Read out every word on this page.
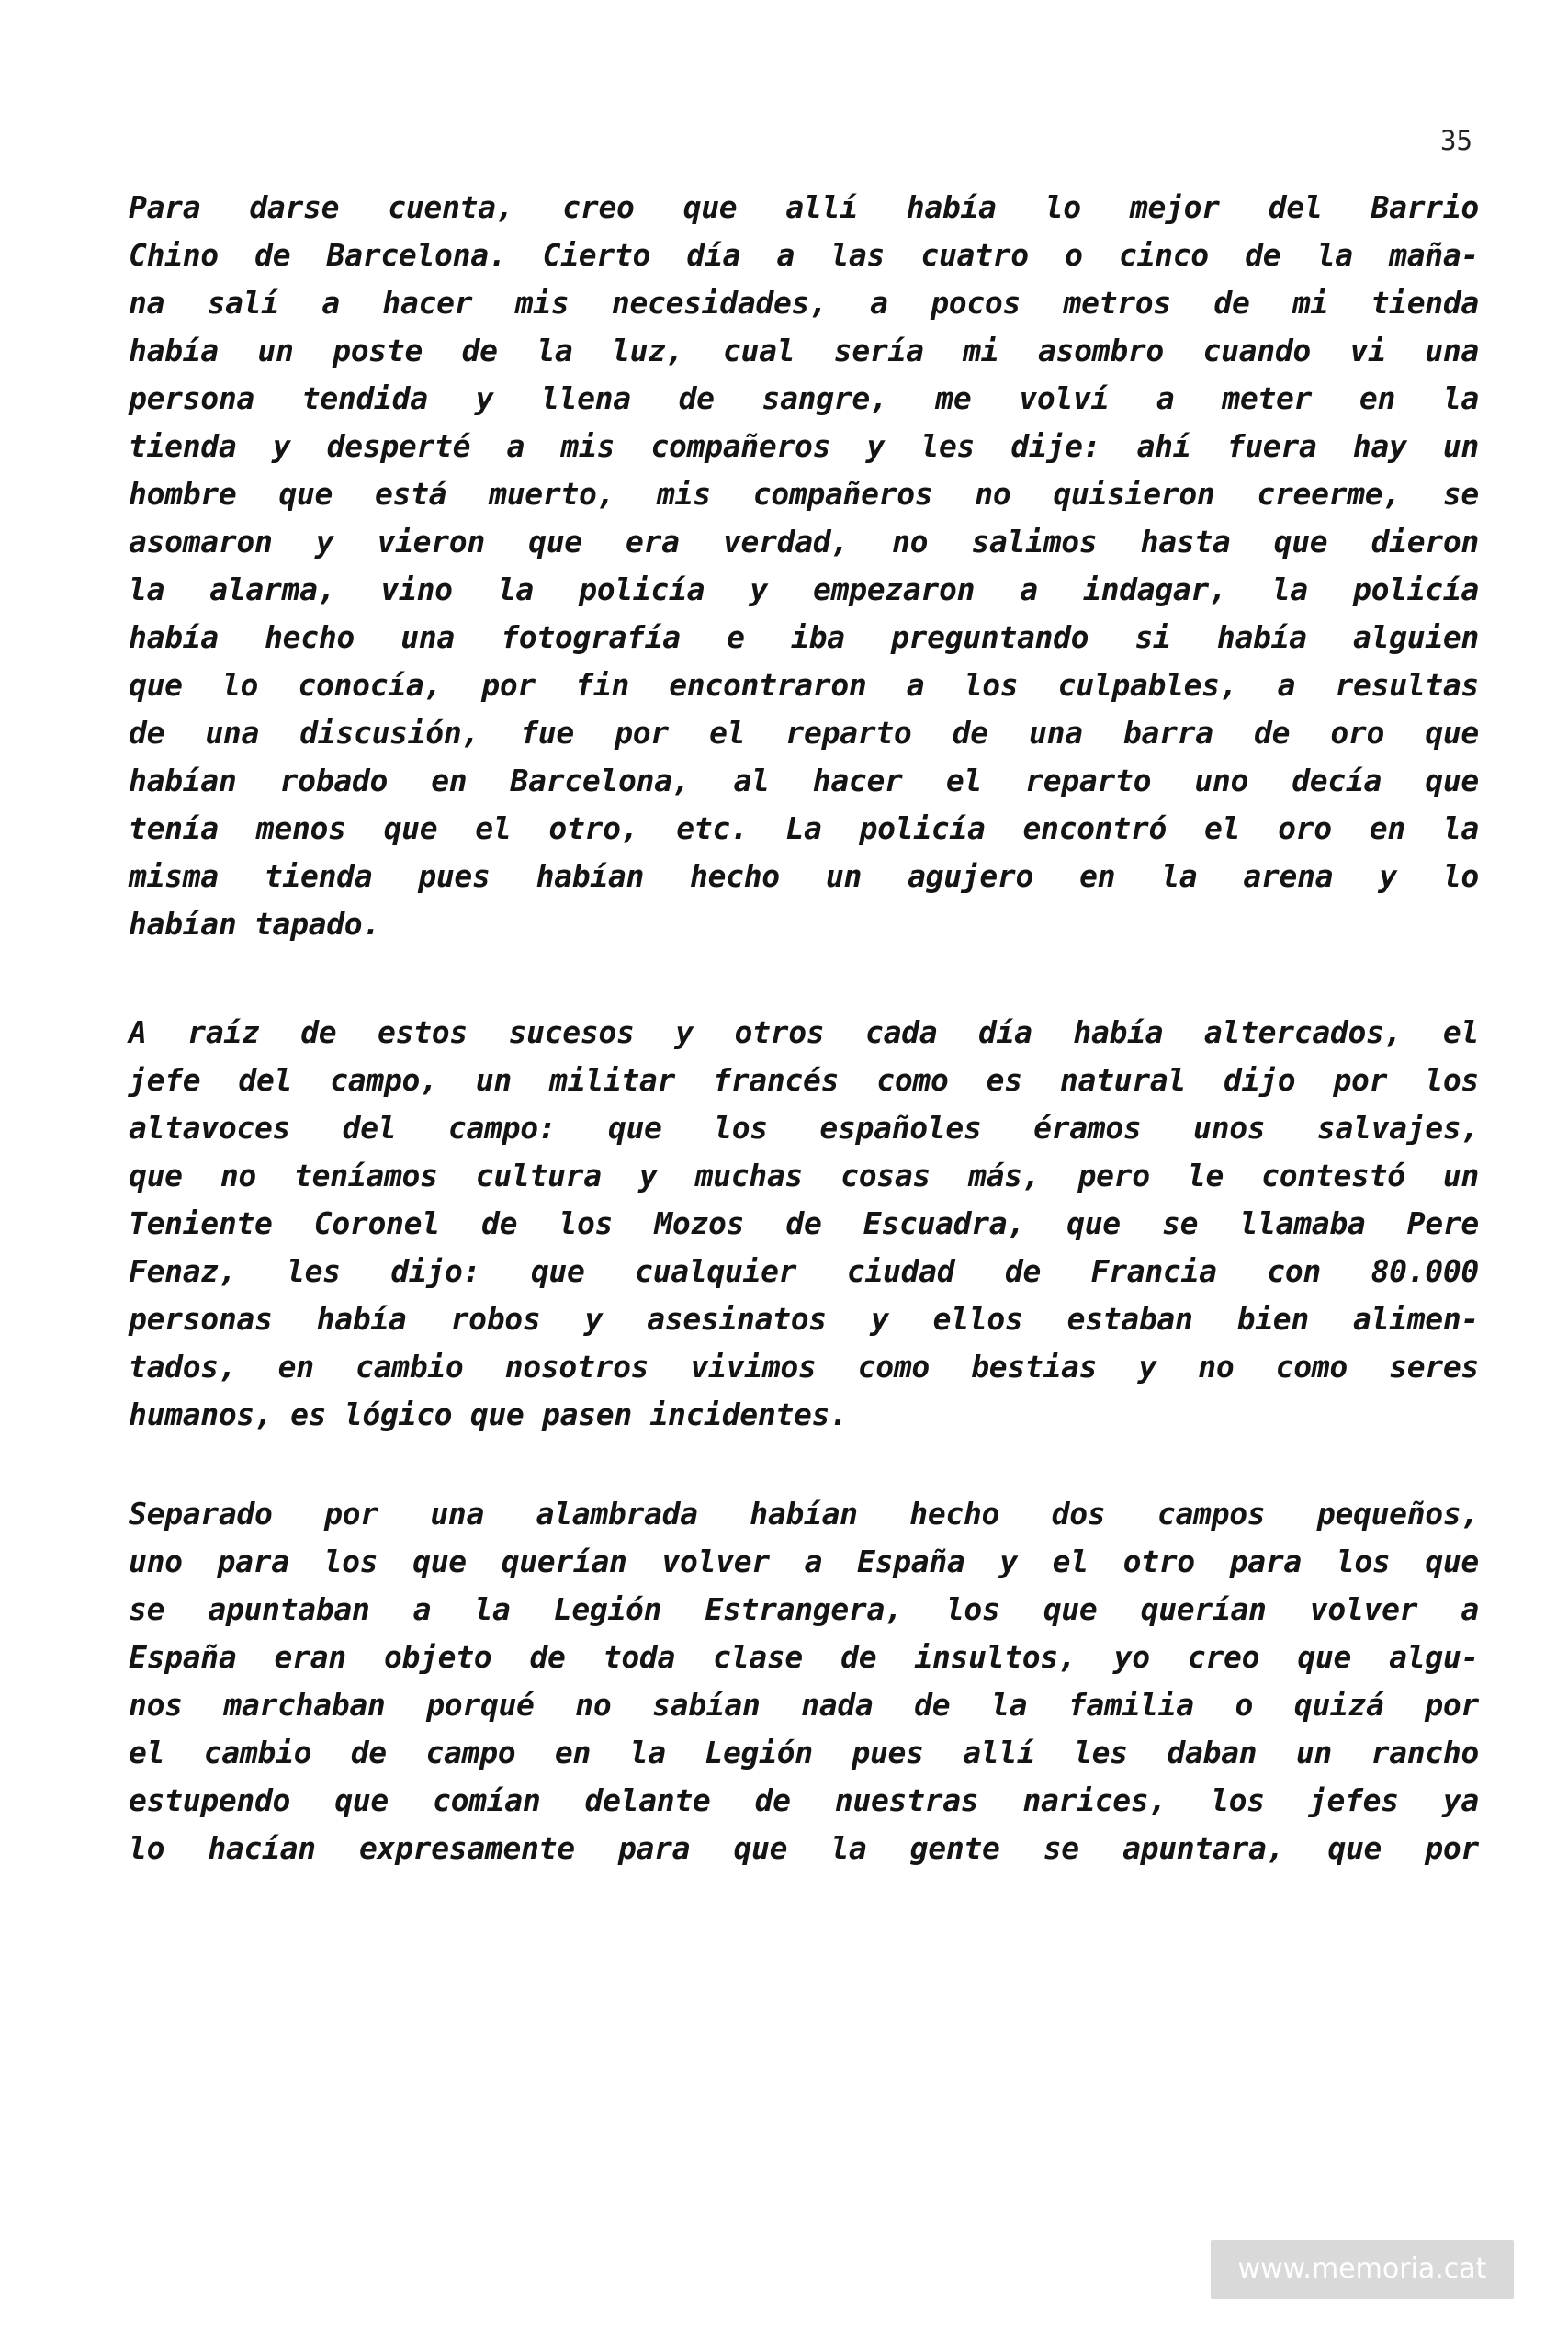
35
Para darse cuenta, creo que allí había lo mejor del Barrio
Chino de Barcelona. Cierto día a las cuatro o cinco de la maña-
na salí a hacer mis necesidades, a pocos metros de mi tienda
había un poste de la luz, cual sería mi asombro cuando vi una
persona tendida y llena de sangre, me volví a meter en la
tienda y desperté a mis compañeros y les dije: ahí fuera hay un
hombre que está muerto, mis compañeros no quisieron creerme, se
asomaron y vieron que era verdad, no salimos hasta que dieron
la alarma, vino la policía y empezaron a indagar, la policía
había hecho una fotografía e iba preguntando si había alguien
que lo conocía, por fin encontraron a los culpables, a resultas
de una discusión, fue por el reparto de una barra de oro que
habían robado en Barcelona, al hacer el reparto uno decía que
tenía menos que el otro, etc. La policía encontró el oro en la
misma tienda pues habían hecho un agujero en la arena y lo
habían tapado.
A raíz de estos sucesos y otros cada día había altercados, el
jefe del campo, un militar francés como es natural dijo por los
altavoces del campo: que los españoles éramos unos salvajes,
que no teníamos cultura y muchas cosas más, pero le contestó un
Teniente Coronel de los Mozos de Escuadra, que se llamaba Pere
Fenaz, les dijo: que cualquier ciudad de Francia con 80.000
personas había robos y asesinatos y ellos estaban bien alimen-
tados, en cambio nosotros vivimos como bestias y no como seres
humanos, es lógico que pasen incidentes.
Separado por una alambrada habían hecho dos campos pequeños,
uno para los que querían volver a España y el otro para los que
se apuntaban a la Legión Estrangera, los que querían volver a
España eran objeto de toda clase de insultos, yo creo que algu-
nos marchaban porqué no sabían nada de la familia o quizá por
el cambio de campo en la Legión pues allí les daban un rancho
estupendo que comían delante de nuestras narices, los jefes ya
lo hacían expresamente para que la gente se apuntara, que por
www.memoria.cat
